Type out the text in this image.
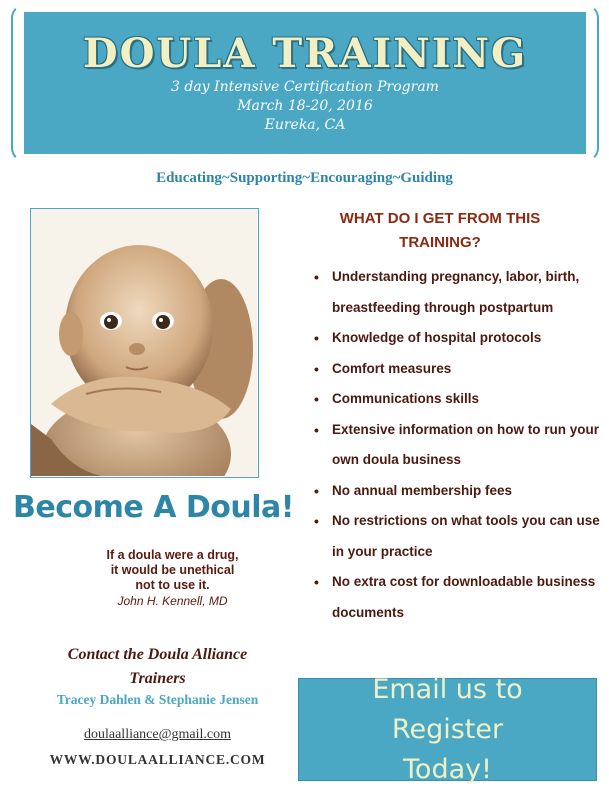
DOULA TRAINING
3 day Intensive Certification Program
March 18-20, 2016
Eureka, CA
Educating~Supporting~Encouraging~Guiding
Become A Doula!
If a doula were a drug,
it would be unethical
not to use it.
John H. Kennell, MD
Contact the Doula Alliance
Trainers
Tracey Dahlen & Stephanie Jensen
doulaalliance@gmail.com
WWW.DOULAALLIANCE.COM
WHAT DO I GET FROM THIS
TRAINING?
• Understanding pregnancy, labor, birth, breastfeeding through postpartum
• Knowledge of hospital protocols
• Comfort measures
• Communications skills
• Extensive information on how to run your own doula business
• No annual membership fees
• No restrictions on what tools you can use in your practice
• No extra cost for downloadable business documents
Email us to Register
Today!
